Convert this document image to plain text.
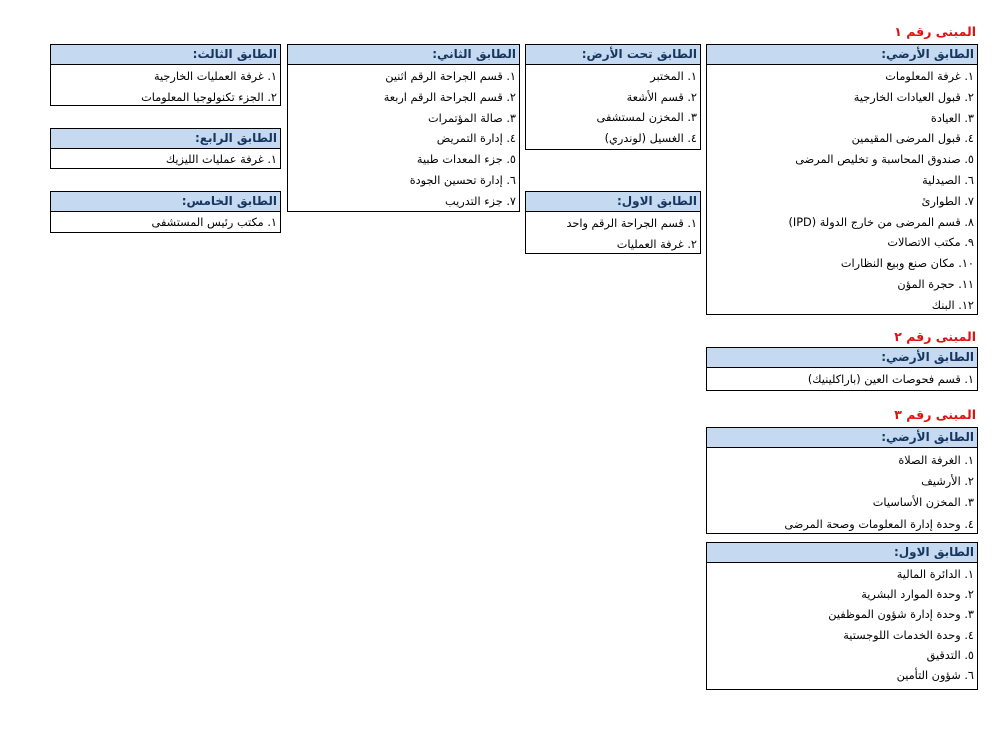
المبنى رقم ١
المبنى رقم ٢
المبنى رقم ٣
الطابق الأرضي:
١. غرفة المعلومات
٢. قبول العيادات الخارجية
٣. العيادة
٤. قبول المرضى المقيمين
٥. صندوق المحاسبة و تخليص المرضى
٦. الصيدلية
٧. الطوارئ
٨. قسم المرضى من خارج الدولة (IPD)
٩. مكتب الاتصالات
١٠. مكان صنع وبيع النظارات
١١. حجرة المؤن
١٢. البنك
الطابق تحت الأرض:
١. المختبر
٢. قسم الأشعة
٣. المخزن لمستشفى
٤. الغسيل (لوندري)
الطابق الاول:
١. قسم الجراحة الرقم واحد
٢. غرفة العمليات
الطابق الثاني:
١. قسم الجراحة الرقم اثنين
٢. قسم الجراحة الرقم اربعة
٣. صالة المؤتمرات
٤. إدارة التمريض
٥. جزء المعدات طبية
٦. إدارة تحسين الجودة
٧. جزء التدريب
الطابق الثالث:
١. غرفة العمليات الخارجية
٢. الجزء تكنولوجيا المعلومات
الطابق الرابع:
١. غرفة عمليات الليزيك
الطابق الخامس:
١. مكتب رئيس المستشفى
الطابق الأرضي:
١. قسم فحوصات العين (باراكلينيك)
الطابق الأرضي:
١. الغرفة الصلاة
٢. الأرشيف
٣. المخزن الأساسيات
٤. وحدة إدارة المعلومات وصحة المرضى
الطابق الاول:
١. الدائرة المالية
٢. وحدة الموارد البشرية
٣. وحدة إدارة شؤون الموظفين
٤. وحدة الخدمات اللوجستية
٥. التدقيق
٦. شؤون التأمين
